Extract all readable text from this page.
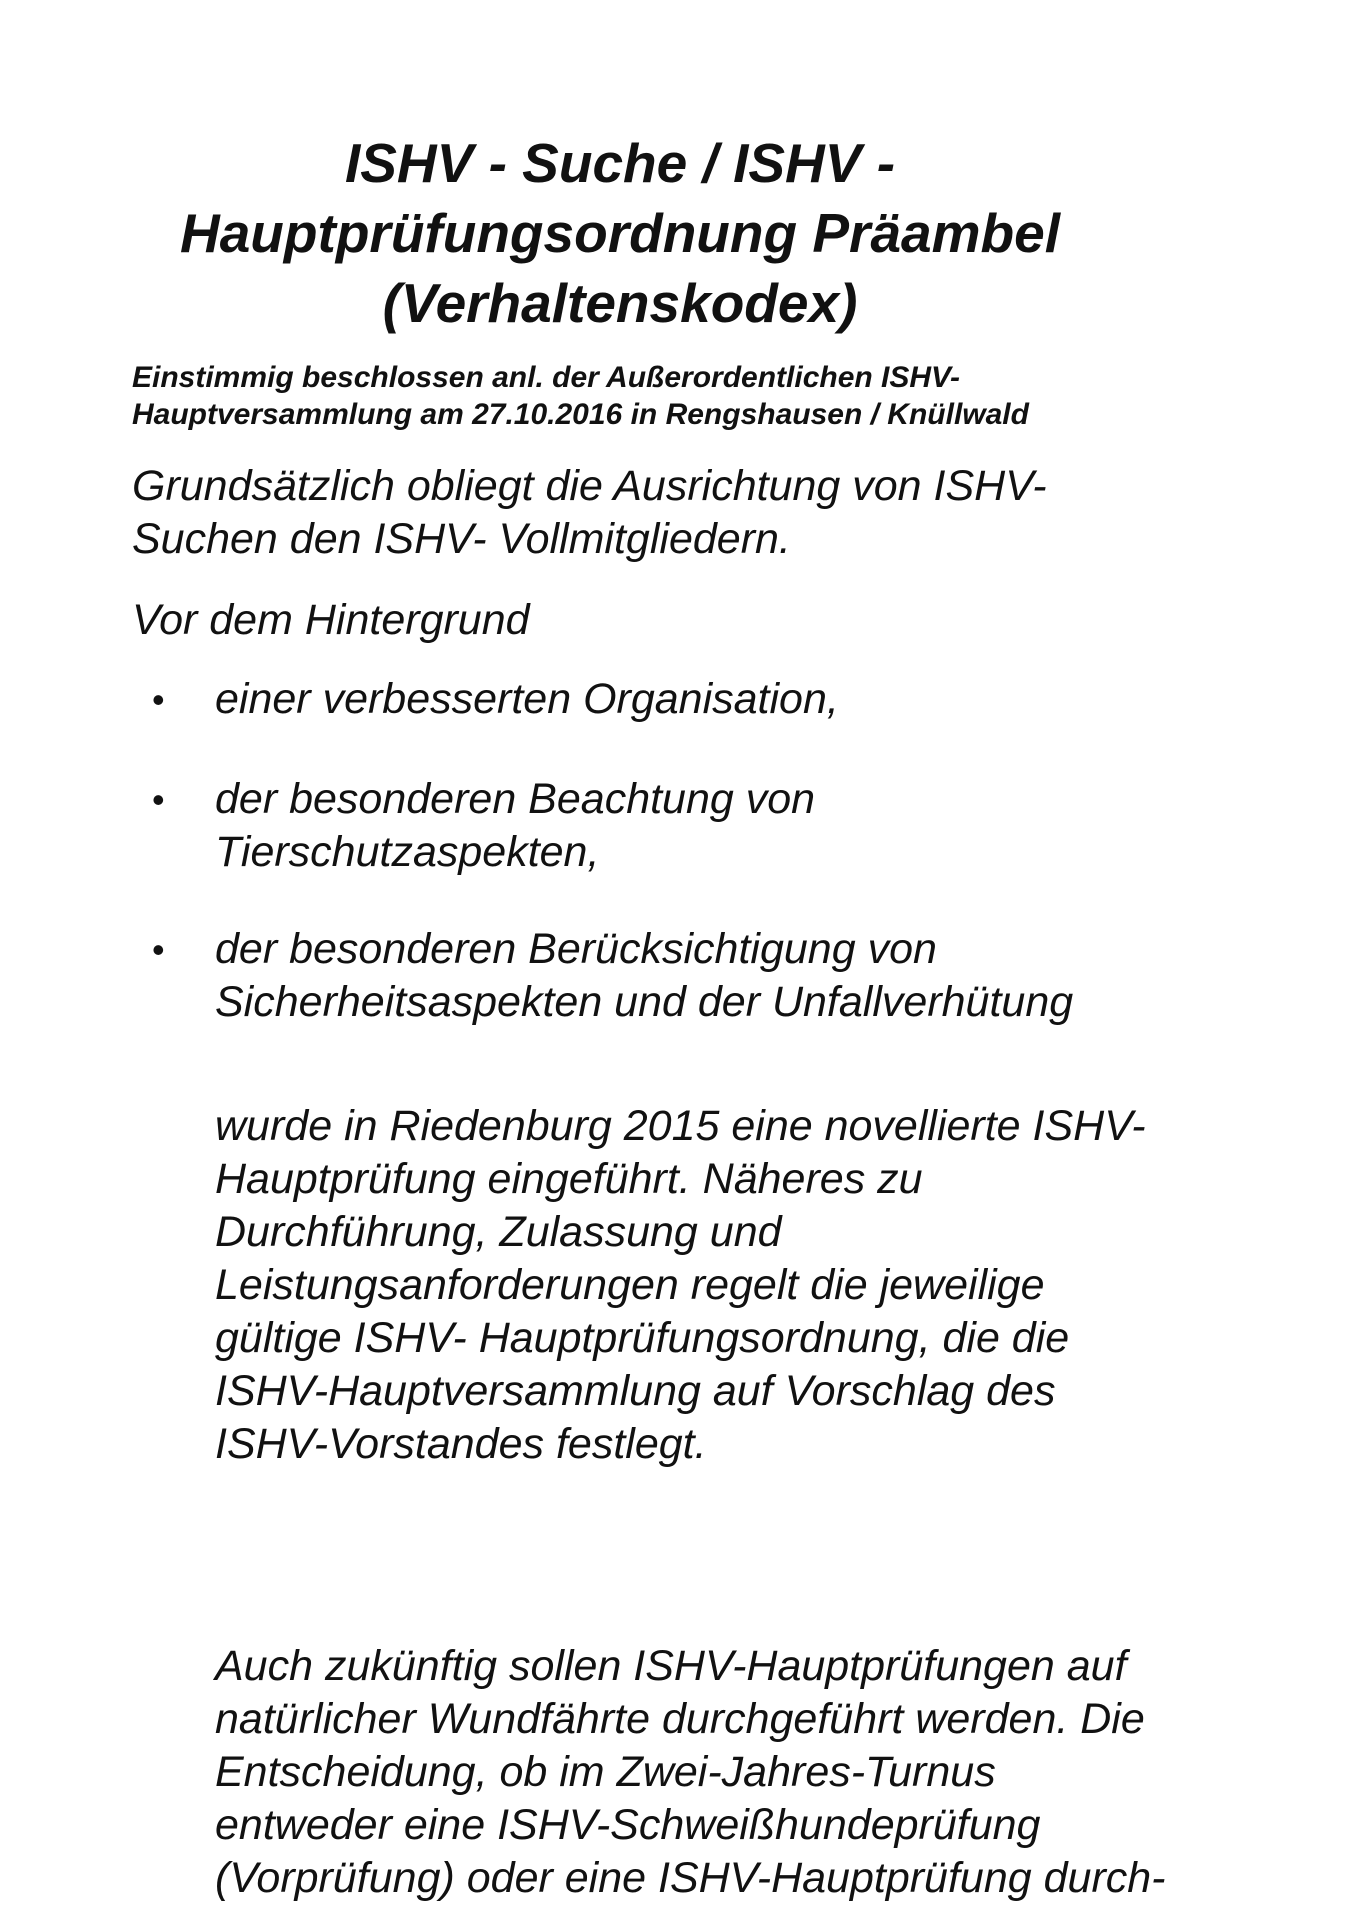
ISHV - Suche / ISHV -
Hauptprüfungsordnung Präambel
(Verhaltenskodex)

Einstimmig beschlossen anl. der Außerordentlichen ISHV-
Hauptversammlung am 27.10.2016 in Rengshausen / Knüllwald

Grundsätzlich obliegt die Ausrichtung von ISHV-
Suchen den ISHV- Vollmitgliedern.

Vor dem Hintergrund

•	einer verbesserten Organisation,
•	der besonderen Beachtung von
Tierschutzaspekten,
•	der besonderen Berücksichtigung von
Sicherheitsaspekten und der Unfallverhütung

wurde in Riedenburg 2015 eine novellierte ISHV-
Hauptprüfung eingeführt. Näheres zu
Durchführung, Zulassung und
Leistungsanforderungen regelt die jeweilige
gültige ISHV- Hauptprüfungsordnung, die die
ISHV-Hauptversammlung auf Vorschlag des
ISHV-Vorstandes festlegt.

Auch zukünftig sollen ISHV-Hauptprüfungen auf
natürlicher Wundfährte durchgeführt werden. Die
Entscheidung, ob im Zwei-Jahres-Turnus
entweder eine ISHV-Schweißhundeprüfung
(Vorprüfung) oder eine ISHV-Hauptprüfung durch-
